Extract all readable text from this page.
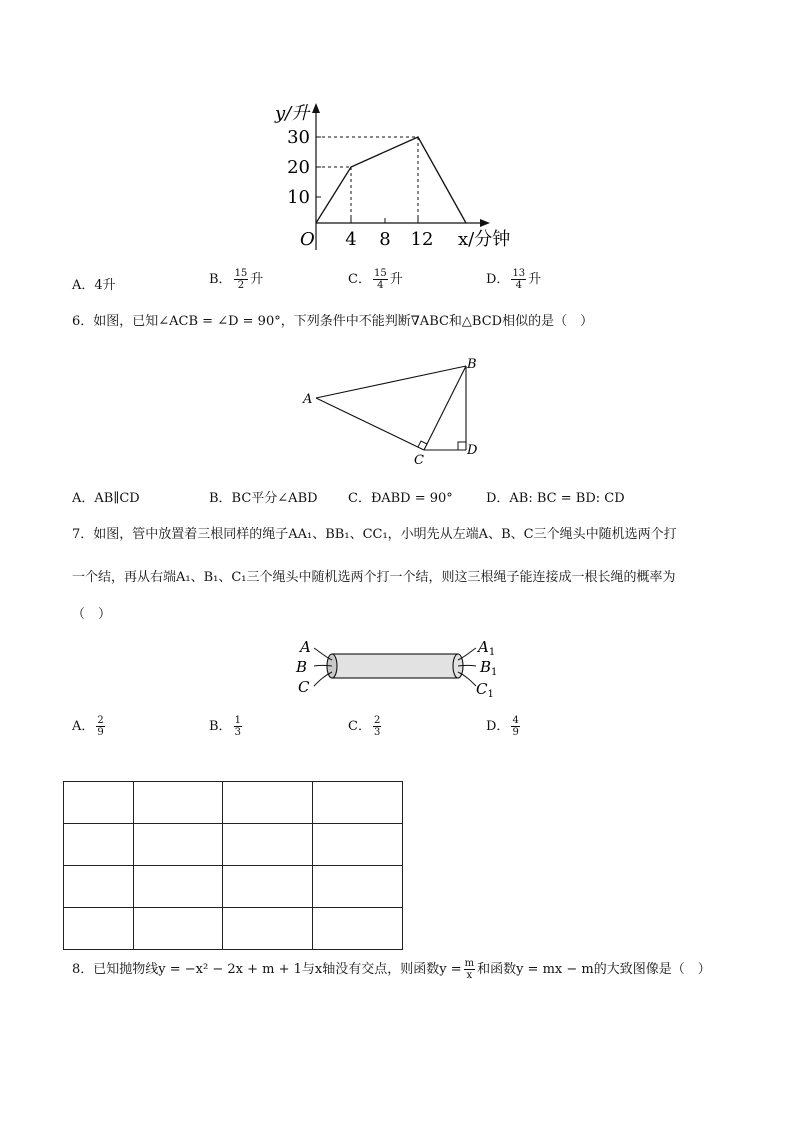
y/升
10
20
30
O 4 8 12 x/分钟
A．4升	B． $\frac{15}{2}$ 升	C． $\frac{15}{4}$ 升	D． $\frac{13}{4}$ 升
6．如图，已知∠ACB = ∠D = 90°，下列条件中不能判断∇ABC和△BCD相似的是（　）
A
B
C
D
A．AB∥CD	B．BC平分∠ABD C．ÐABD = 90°	D．AB: BC = BD: CD
7．如图，管中放置着三根同样的绳子AA₁、BB₁、CC₁，小明先从左端A、B、C三个绳头中随机选两个打
一个结，再从右端A₁、B₁、C₁三个绳头中随机选两个打一个结，则这三根绳子能连接成一根长绳的概率为
（　）
A
B
C
$A_1$
$B_1$
$C_1$
A． $\frac{2}{9}$	B． $\frac{1}{3}$	C． $\frac{2}{3}$	D． $\frac{4}{9}$

8．已知抛物线y = −x² − 2x + m + 1与x轴没有交点，则函数$y = \frac{m}{x}$ 和函数y = mx − m的大致图像是（　）
